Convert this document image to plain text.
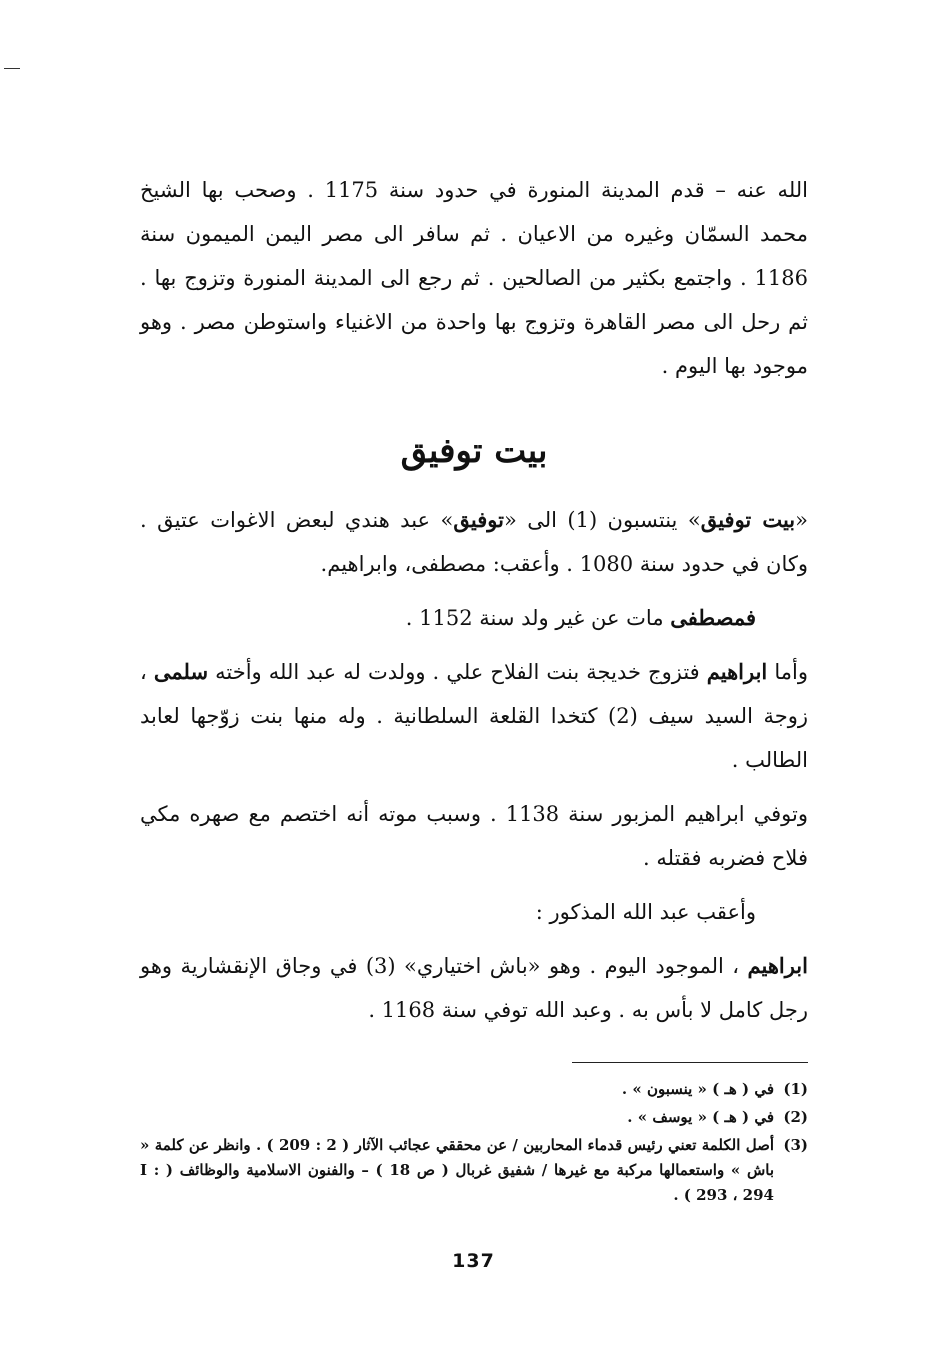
الله عنه – قدم المدينة المنورة في حدود سنة 1175 . وصحب بها الشيخ محمد السمّان وغيره من الاعيان . ثم سافر الى مصر اليمن الميمون سنة 1186 . واجتمع بكثير من الصالحين . ثم رجع الى المدينة المنورة وتزوج بها . ثم رحل الى مصر القاهرة وتزوج بها واحدة من الاغنياء واستوطن مصر . وهو موجود بها اليوم .

بيت توفيق

«بيت توفيق» ينتسبون (1) الى «توفيق» عبد هندي لبعض الاغوات عتيق . وكان في حدود سنة 1080 . وأعقب: مصطفى، وابراهيم.

فمصطفى مات عن غير ولد سنة 1152 .

وأما ابراهيم فتزوج خديجة بنت الفلاح علي . وولدت له عبد الله وأخته سلمى ، زوجة السيد سيف (2) كتخدا القلعة السلطانية . وله منها بنت زوّجها لعابد الطالب .

وتوفي ابراهيم المزبور سنة 1138 . وسبب موته أنه اختصم مع صهره مكي فلاح فضربه فقتله .

وأعقب عبد الله المذكور :

ابراهيم ، الموجود اليوم . وهو «باش اختياري» (3) في وجاق الإنقشارية وهو رجل كامل لا بأس به . وعبد الله توفي سنة 1168 .

(1)
في ( هـ ) « ينسبون » .
(2)
في ( هـ ) « يوسف » .
(3)
أصل الكلمة تعني رئيس قدماء المحاربين / عن محققي عجائب الآثار ( 2 : 209 ) . وانظر عن كلمة « باش » واستعمالها مركبة مع غيرها / شفيق غربال ( ص 18 ) – والفنون الاسلامية والوظائف ( I : 293 ، 294 ) .
137
